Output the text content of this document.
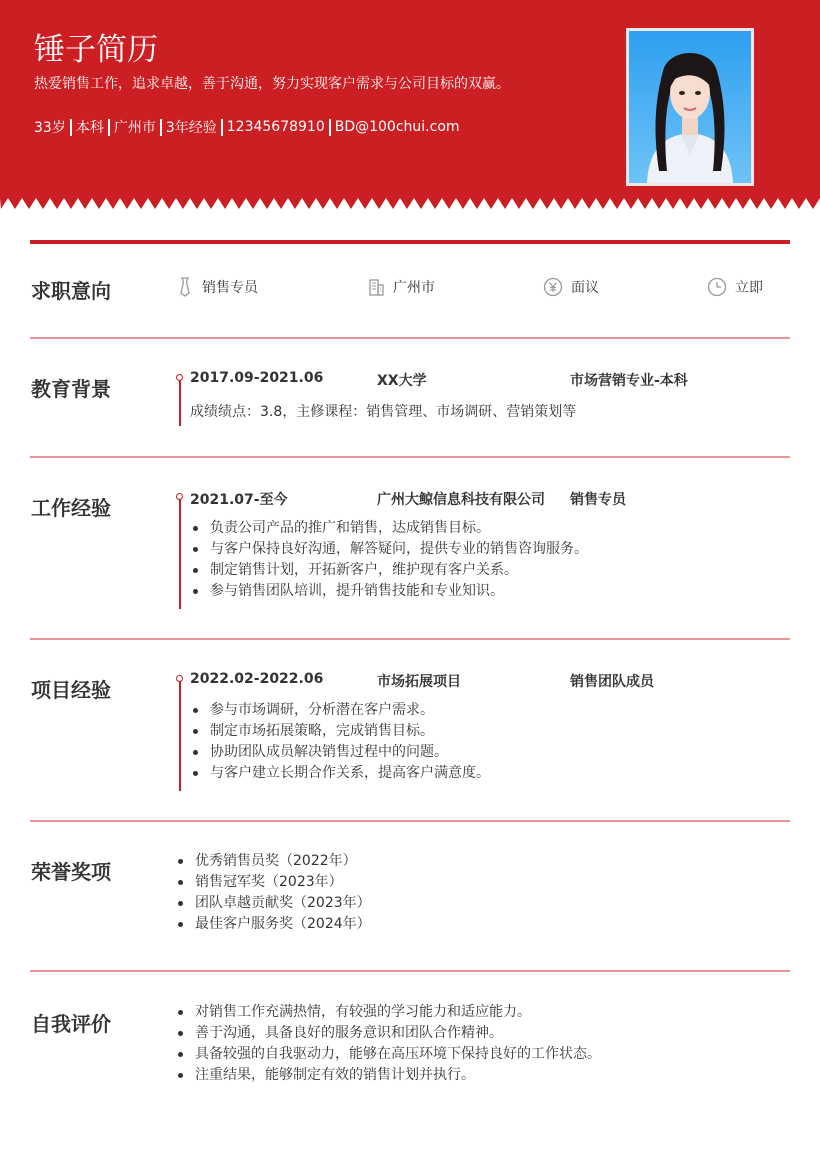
锤子简历
热爱销售工作，追求卓越，善于沟通，努力实现客户需求与公司目标的双赢。
33岁 本科 广州市 3年经验 12345678910 BD@100chui.com
求职意向	销售专员	广州市	面议	立即
教育背景	2017.09-2021.06	XX大学	市场营销专业-本科
成绩绩点：3.8，主修课程：销售管理、市场调研、营销策划等
工作经验	2021.07-至今	广州大鲸信息科技有限公司 销售专员
负责公司产品的推广和销售，达成销售目标。
与客户保持良好沟通，解答疑问，提供专业的销售咨询服务。
制定销售计划，开拓新客户，维护现有客户关系。
参与销售团队培训，提升销售技能和专业知识。
项目经验	2022.02-2022.06	市场拓展项目	销售团队成员
参与市场调研，分析潜在客户需求。
制定市场拓展策略，完成销售目标。
协助团队成员解决销售过程中的问题。
与客户建立长期合作关系，提高客户满意度。
荣誉奖项	优秀销售员奖（2022年）
销售冠军奖（2023年）
团队卓越贡献奖（2023年）
最佳客户服务奖（2024年）
自我评价	对销售工作充满热情，有较强的学习能力和适应能力。
善于沟通，具备良好的服务意识和团队合作精神。
具备较强的自我驱动力，能够在高压环境下保持良好的工作状态。
注重结果，能够制定有效的销售计划并执行。
